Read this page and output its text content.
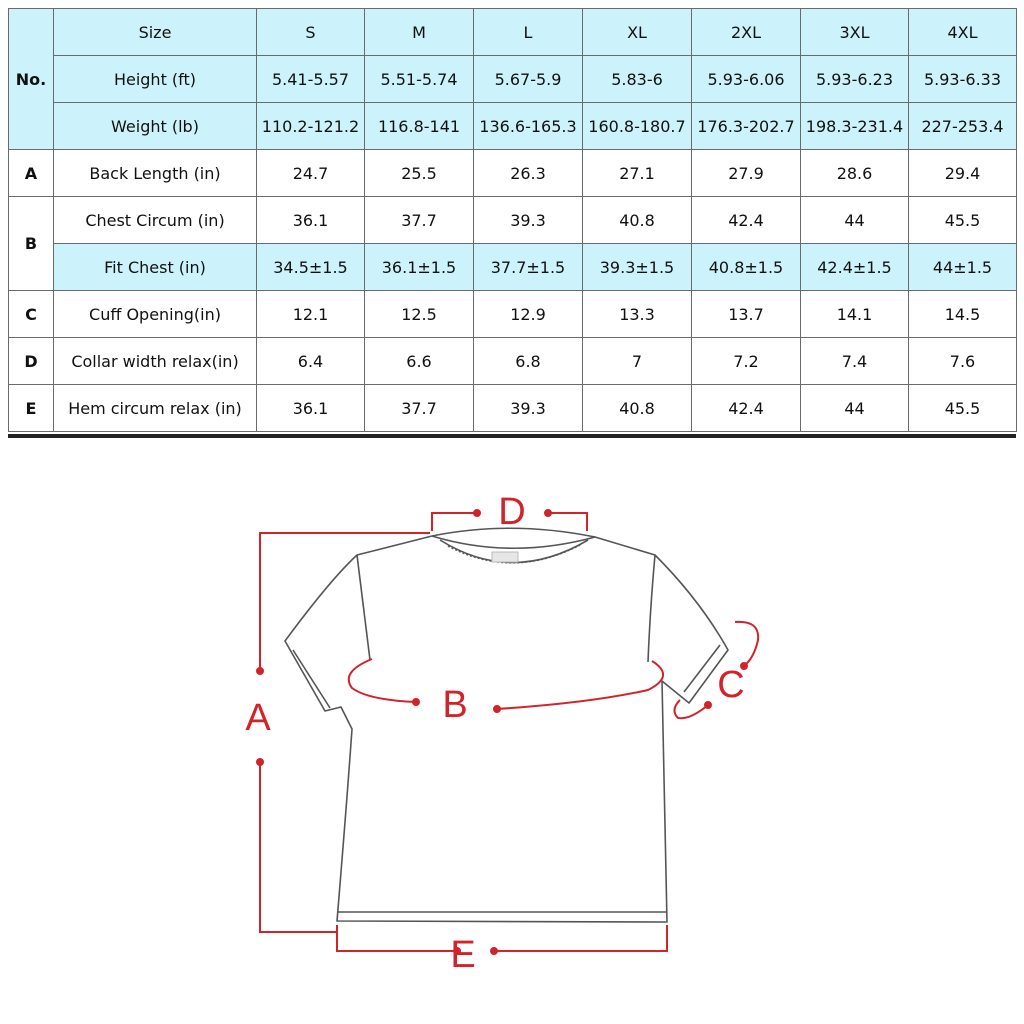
No.	Size	S	M	L	XL	2XL	3XL	4XL
	Height (ft)	5.41-5.57	5.51-5.74	5.67-5.9	5.83-6	5.93-6.06	5.93-6.23	5.93-6.33
	Weight (lb)	110.2-121.2	116.8-141	136.6-165.3	160.8-180.7	176.3-202.7	198.3-231.4	227-253.4
A	Back Length (in)	24.7	25.5	26.3	27.1	27.9	28.6	29.4
B	Chest Circum (in)	36.1	37.7	39.3	40.8	42.4	44	45.5
	Fit Chest (in)	34.5±1.5	36.1±1.5	37.7±1.5	39.3±1.5	40.8±1.5	42.4±1.5	44±1.5
C	Cuff Opening(in)	12.1	12.5	12.9	13.3	13.7	14.1	14.5
D	Collar width relax(in)	6.4	6.6	6.8	7	7.2	7.4	7.6
E	Hem circum relax (in)	36.1	37.7	39.3	40.8	42.4	44	45.5
A	B	C
D
E
